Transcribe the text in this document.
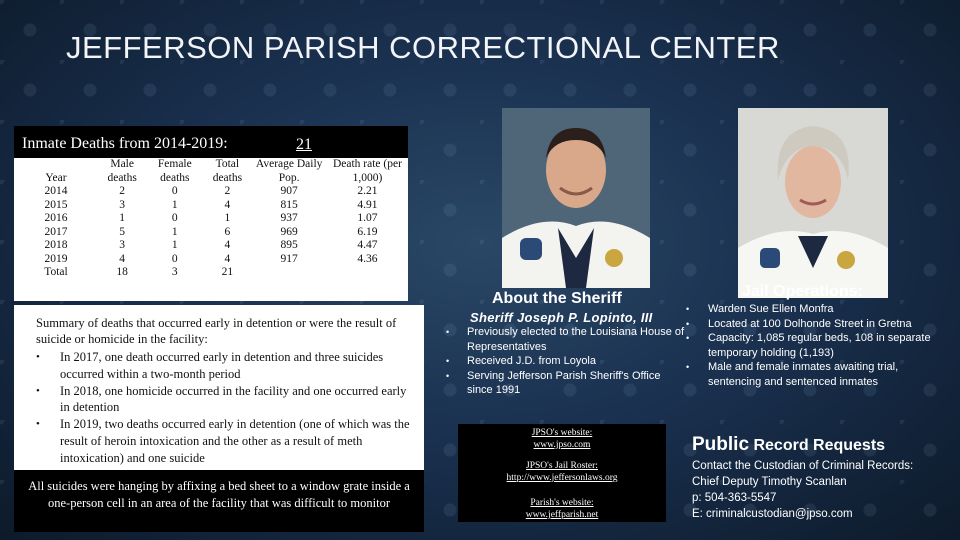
JEFFERSON PARISH CORRECTIONAL CENTER
Inmate Deaths from 2014-2019:	21
Year	Male deaths	Female deaths	Total deaths	Average Daily Pop.	Death rate (per 1,000)
2014	2	0	2	907	2.21
2015	3	1	4	815	4.91
2016	1	0	1	937	1.07
2017	5	1	6	969	6.19
2018	3	1	4	895	4.47
2019	4	0	4	917	4.36
Total	18	3	21		
Summary of deaths that occurred early in detention or were the result of suicide or homicide in the facility:
• In 2017, one death occurred early in detention and three suicides occurred within a two-month period
• In 2018, one homicide occurred in the facility and one occurred early in detention
• In 2019, two deaths occurred early in detention (one of which was the result of heroin intoxication and the other as a result of meth intoxication) and one suicide
All suicides were hanging by affixing a bed sheet to a window grate inside a one-person cell in an area of the facility that was difficult to monitor
About the Sheriff
Sheriff Joseph P. Lopinto, III
• Previously elected to the Louisiana House of Representatives
• Received J.D. from Loyola
• Serving Jefferson Parish Sheriff's Office since 1991
Jail Operations:
• Warden Sue Ellen Monfra
• Located at 100 Dolhonde Street in Gretna
• Capacity: 1,085 regular beds, 108 in separate temporary holding (1,193)
• Male and female inmates awaiting trial, sentencing and sentenced inmates
JPSO's website:
www.jpso.com
JPSO's Jail Roster:
http://www.jeffersonlaws.org
Parish's website:
www.jeffparish.net
Public Record Requests
Contact the Custodian of Criminal Records:
Chief Deputy Timothy Scanlan
p: 504-363-5547
E: criminalcustodian@jpso.com
